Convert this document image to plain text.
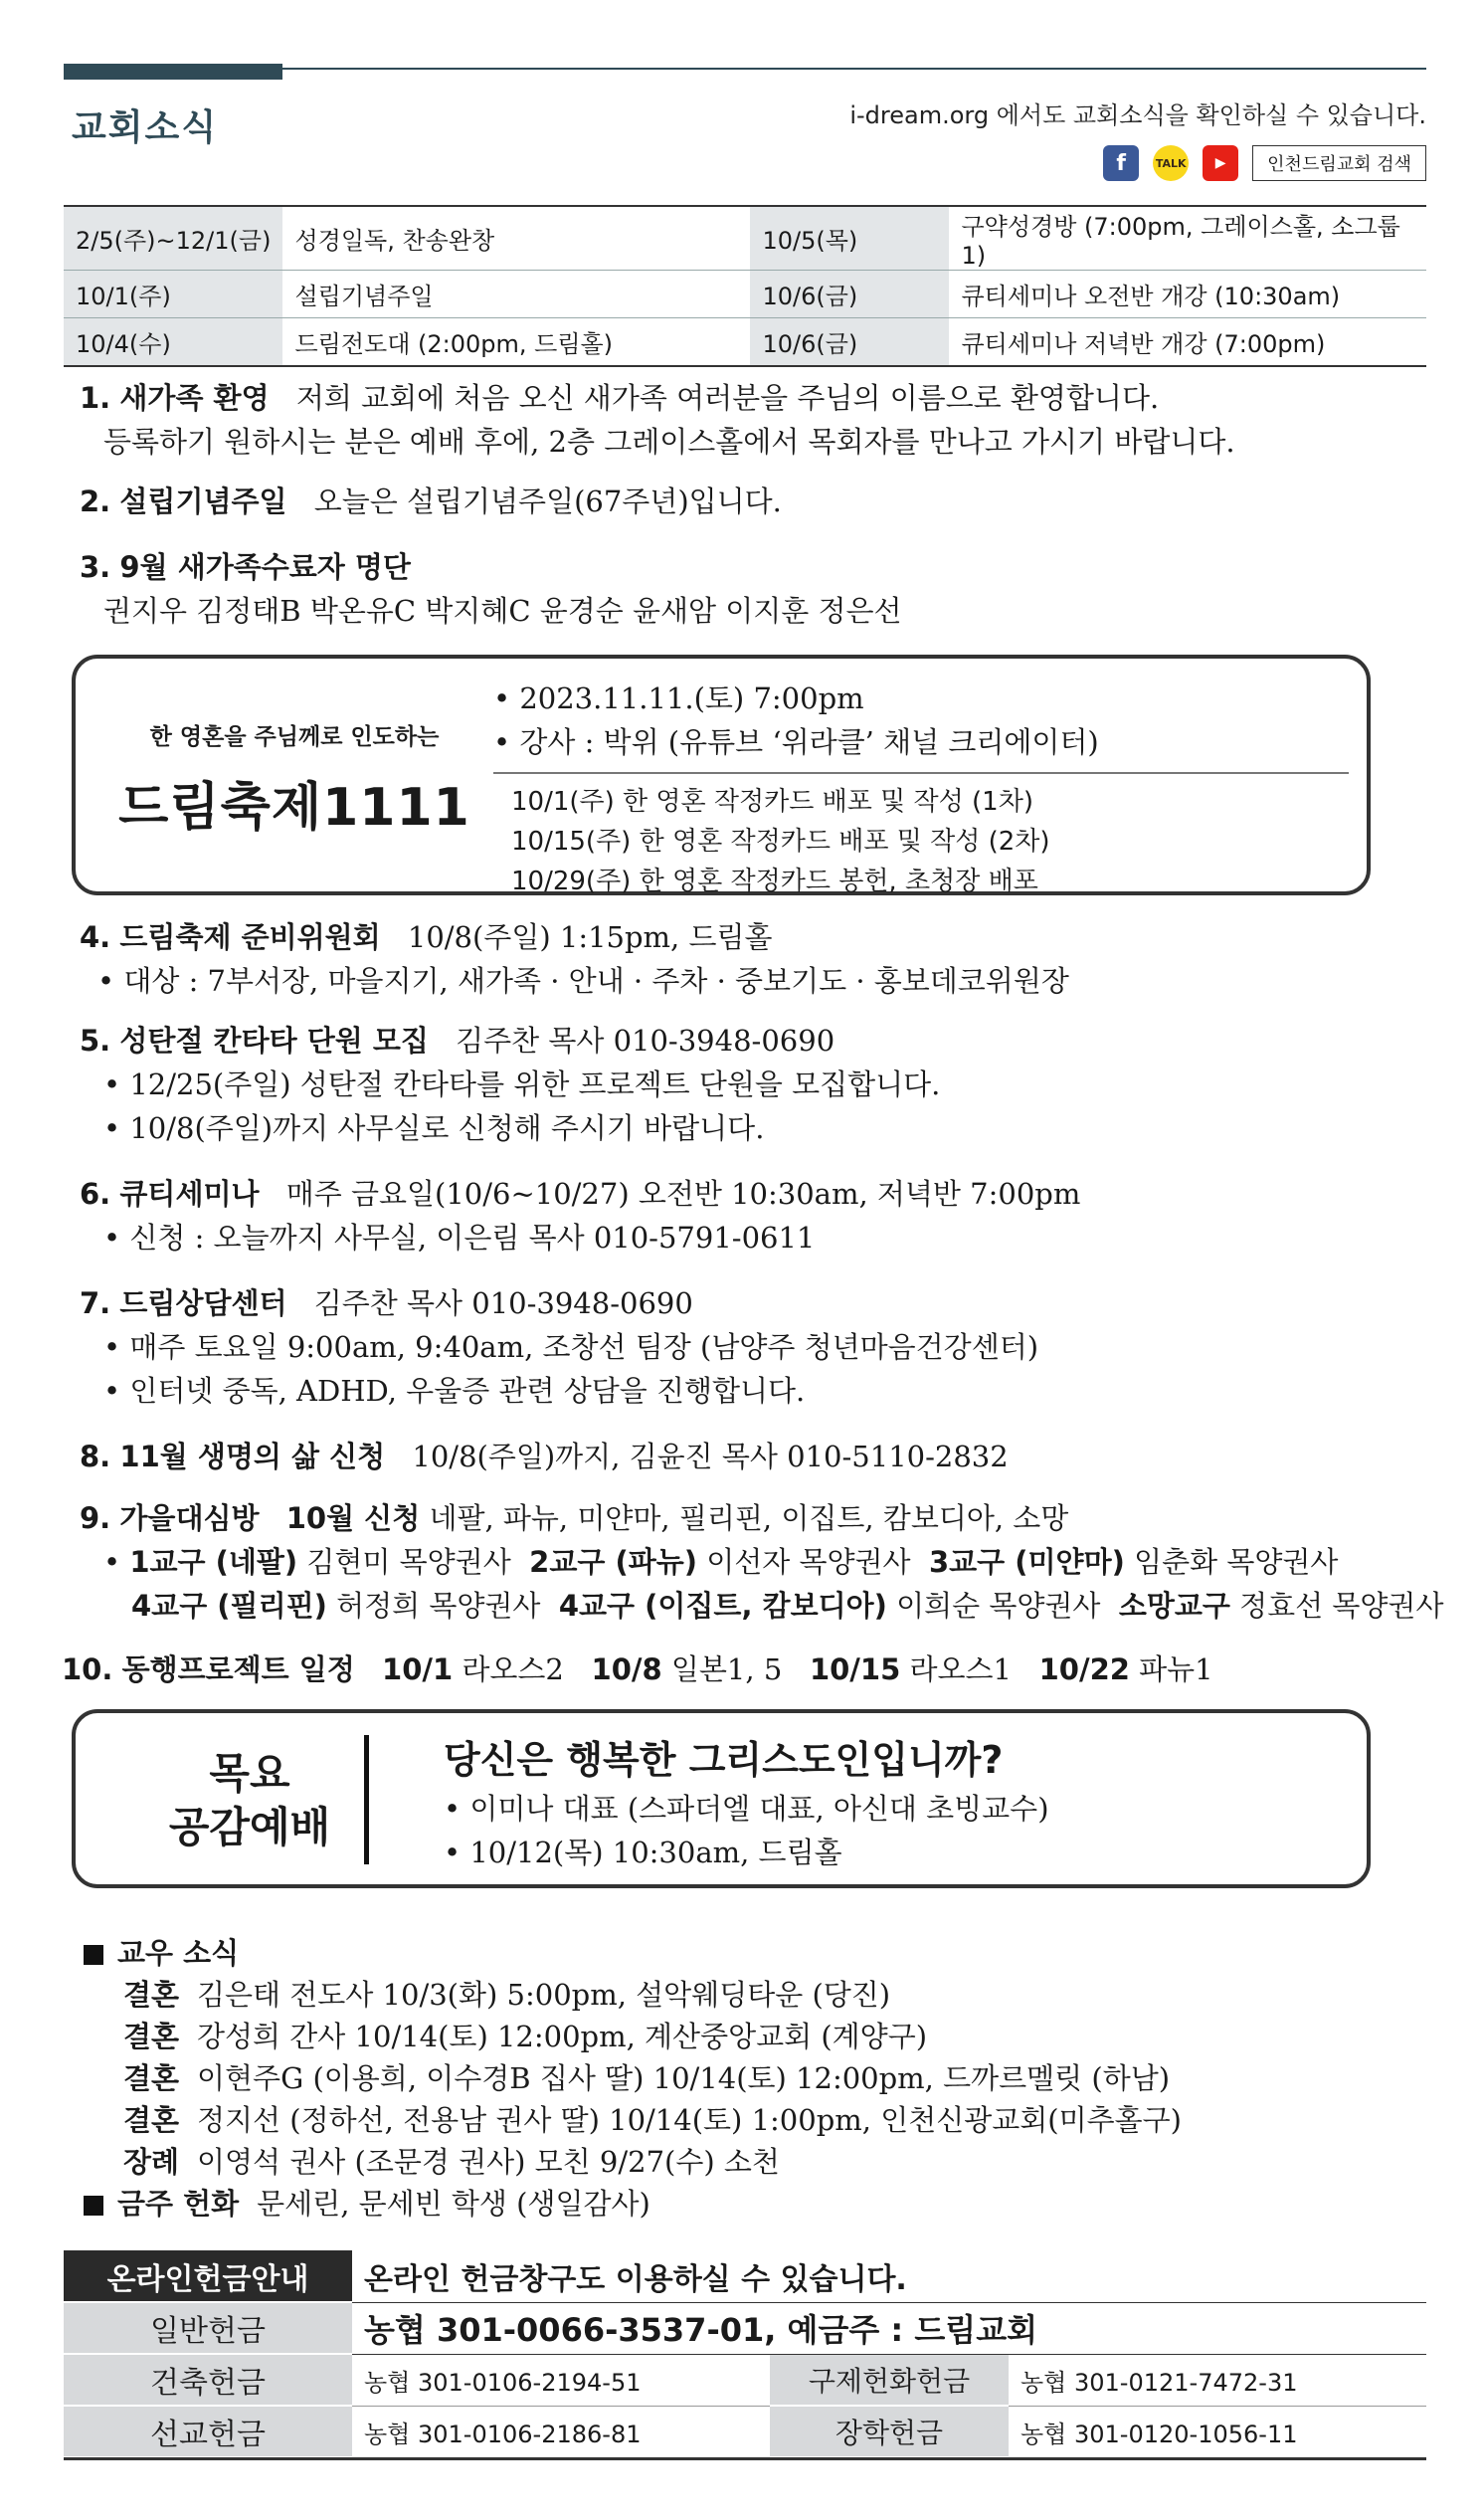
교회소식	i-dream.org 에서도 교회소식을 확인하실 수 있습니다.
f	TALK	▶	인천드림교회 검색
2/5(주)~12/1(금)	성경일독, 찬송완창	10/5(목)	구약성경방 (7:00pm, 그레이스홀, 소그룹1)
10/1(주)	설립기념주일	10/6(금)	큐티세미나 오전반 개강 (10:30am)
10/4(수)	드림전도대 (2:00pm, 드림홀)	10/6(금)	큐티세미나 저녁반 개강 (7:00pm)
1. 새가족 환영 저희 교회에 처음 오신 새가족 여러분을 주님의 이름으로 환영합니다.
등록하기 원하시는 분은 예배 후에, 2층 그레이스홀에서 목회자를 만나고 가시기 바랍니다.
2. 설립기념주일 오늘은 설립기념주일(67주년)입니다.
3. 9월 새가족수료자 명단
권지우 김정태B 박온유C 박지혜C 윤경순 윤새암 이지훈 정은선
한 영혼을 주님께로 인도하는
드림축제1111
• 2023.11.11.(토) 7:00pm
• 강사 : 박위 (유튜브 ‘위라클’ 채널 크리에이터)
10/1(주) 한 영혼 작정카드 배포 및 작성 (1차)
10/15(주) 한 영혼 작정카드 배포 및 작성 (2차)
10/29(주) 한 영혼 작정카드 봉헌, 초청장 배포
4. 드림축제 준비위원회 10/8(주일) 1:15pm, 드림홀
• 대상 : 7부서장, 마을지기, 새가족 · 안내 · 주차 · 중보기도 · 홍보데코위원장
5. 성탄절 칸타타 단원 모집 김주찬 목사 010-3948-0690
• 12/25(주일) 성탄절 칸타타를 위한 프로젝트 단원을 모집합니다.
• 10/8(주일)까지 사무실로 신청해 주시기 바랍니다.
6. 큐티세미나 매주 금요일(10/6~10/27) 오전반 10:30am, 저녁반 7:00pm
• 신청 : 오늘까지 사무실, 이은림 목사 010-5791-0611
7. 드림상담센터 김주찬 목사 010-3948-0690
• 매주 토요일 9:00am, 9:40am, 조창선 팀장 (남양주 청년마음건강센터)
• 인터넷 중독, ADHD, 우울증 관련 상담을 진행합니다.
8. 11월 생명의 삶 신청 10/8(주일)까지, 김윤진 목사 010-5110-2832
9. 가을대심방 10월 신청 네팔, 파뉴, 미얀마, 필리핀, 이집트, 캄보디아, 소망
• 1교구 (네팔) 김현미 목양권사 2교구 (파뉴) 이선자 목양권사 3교구 (미얀마) 임춘화 목양권사
4교구 (필리핀) 허정희 목양권사 4교구 (이집트, 캄보디아) 이희순 목양권사 소망교구 정효선 목양권사
10. 동행프로젝트 일정 10/1 라오스2 10/8 일본1, 5 10/15 라오스1 10/22 파뉴1
목요
공감예배
당신은 행복한 그리스도인입니까?
• 이미나 대표 (스파더엘 대표, 아신대 초빙교수)
• 10/12(목) 10:30am, 드림홀
교우 소식
결혼 김은태 전도사 10/3(화) 5:00pm, 설악웨딩타운 (당진)
결혼 강성희 간사 10/14(토) 12:00pm, 계산중앙교회 (계양구)
결혼 이현주G (이용희, 이수경B 집사 딸) 10/14(토) 12:00pm, 드까르멜릿 (하남)
결혼 정지선 (정하선, 전용남 권사 딸) 10/14(토) 1:00pm, 인천신광교회(미추홀구)
장례 이영석 권사 (조문경 권사) 모친 9/27(수) 소천
금주 헌화 문세린, 문세빈 학생 (생일감사)
온라인헌금안내	온라인 헌금창구도 이용하실 수 있습니다.		
일반헌금	농협 301-0066-3537-01, 예금주 : 드림교회		
건축헌금	농협 301-0106-2194-51	구제헌화헌금	농협 301-0121-7472-31
선교헌금	농협 301-0106-2186-81	장학헌금	농협 301-0120-1056-11
